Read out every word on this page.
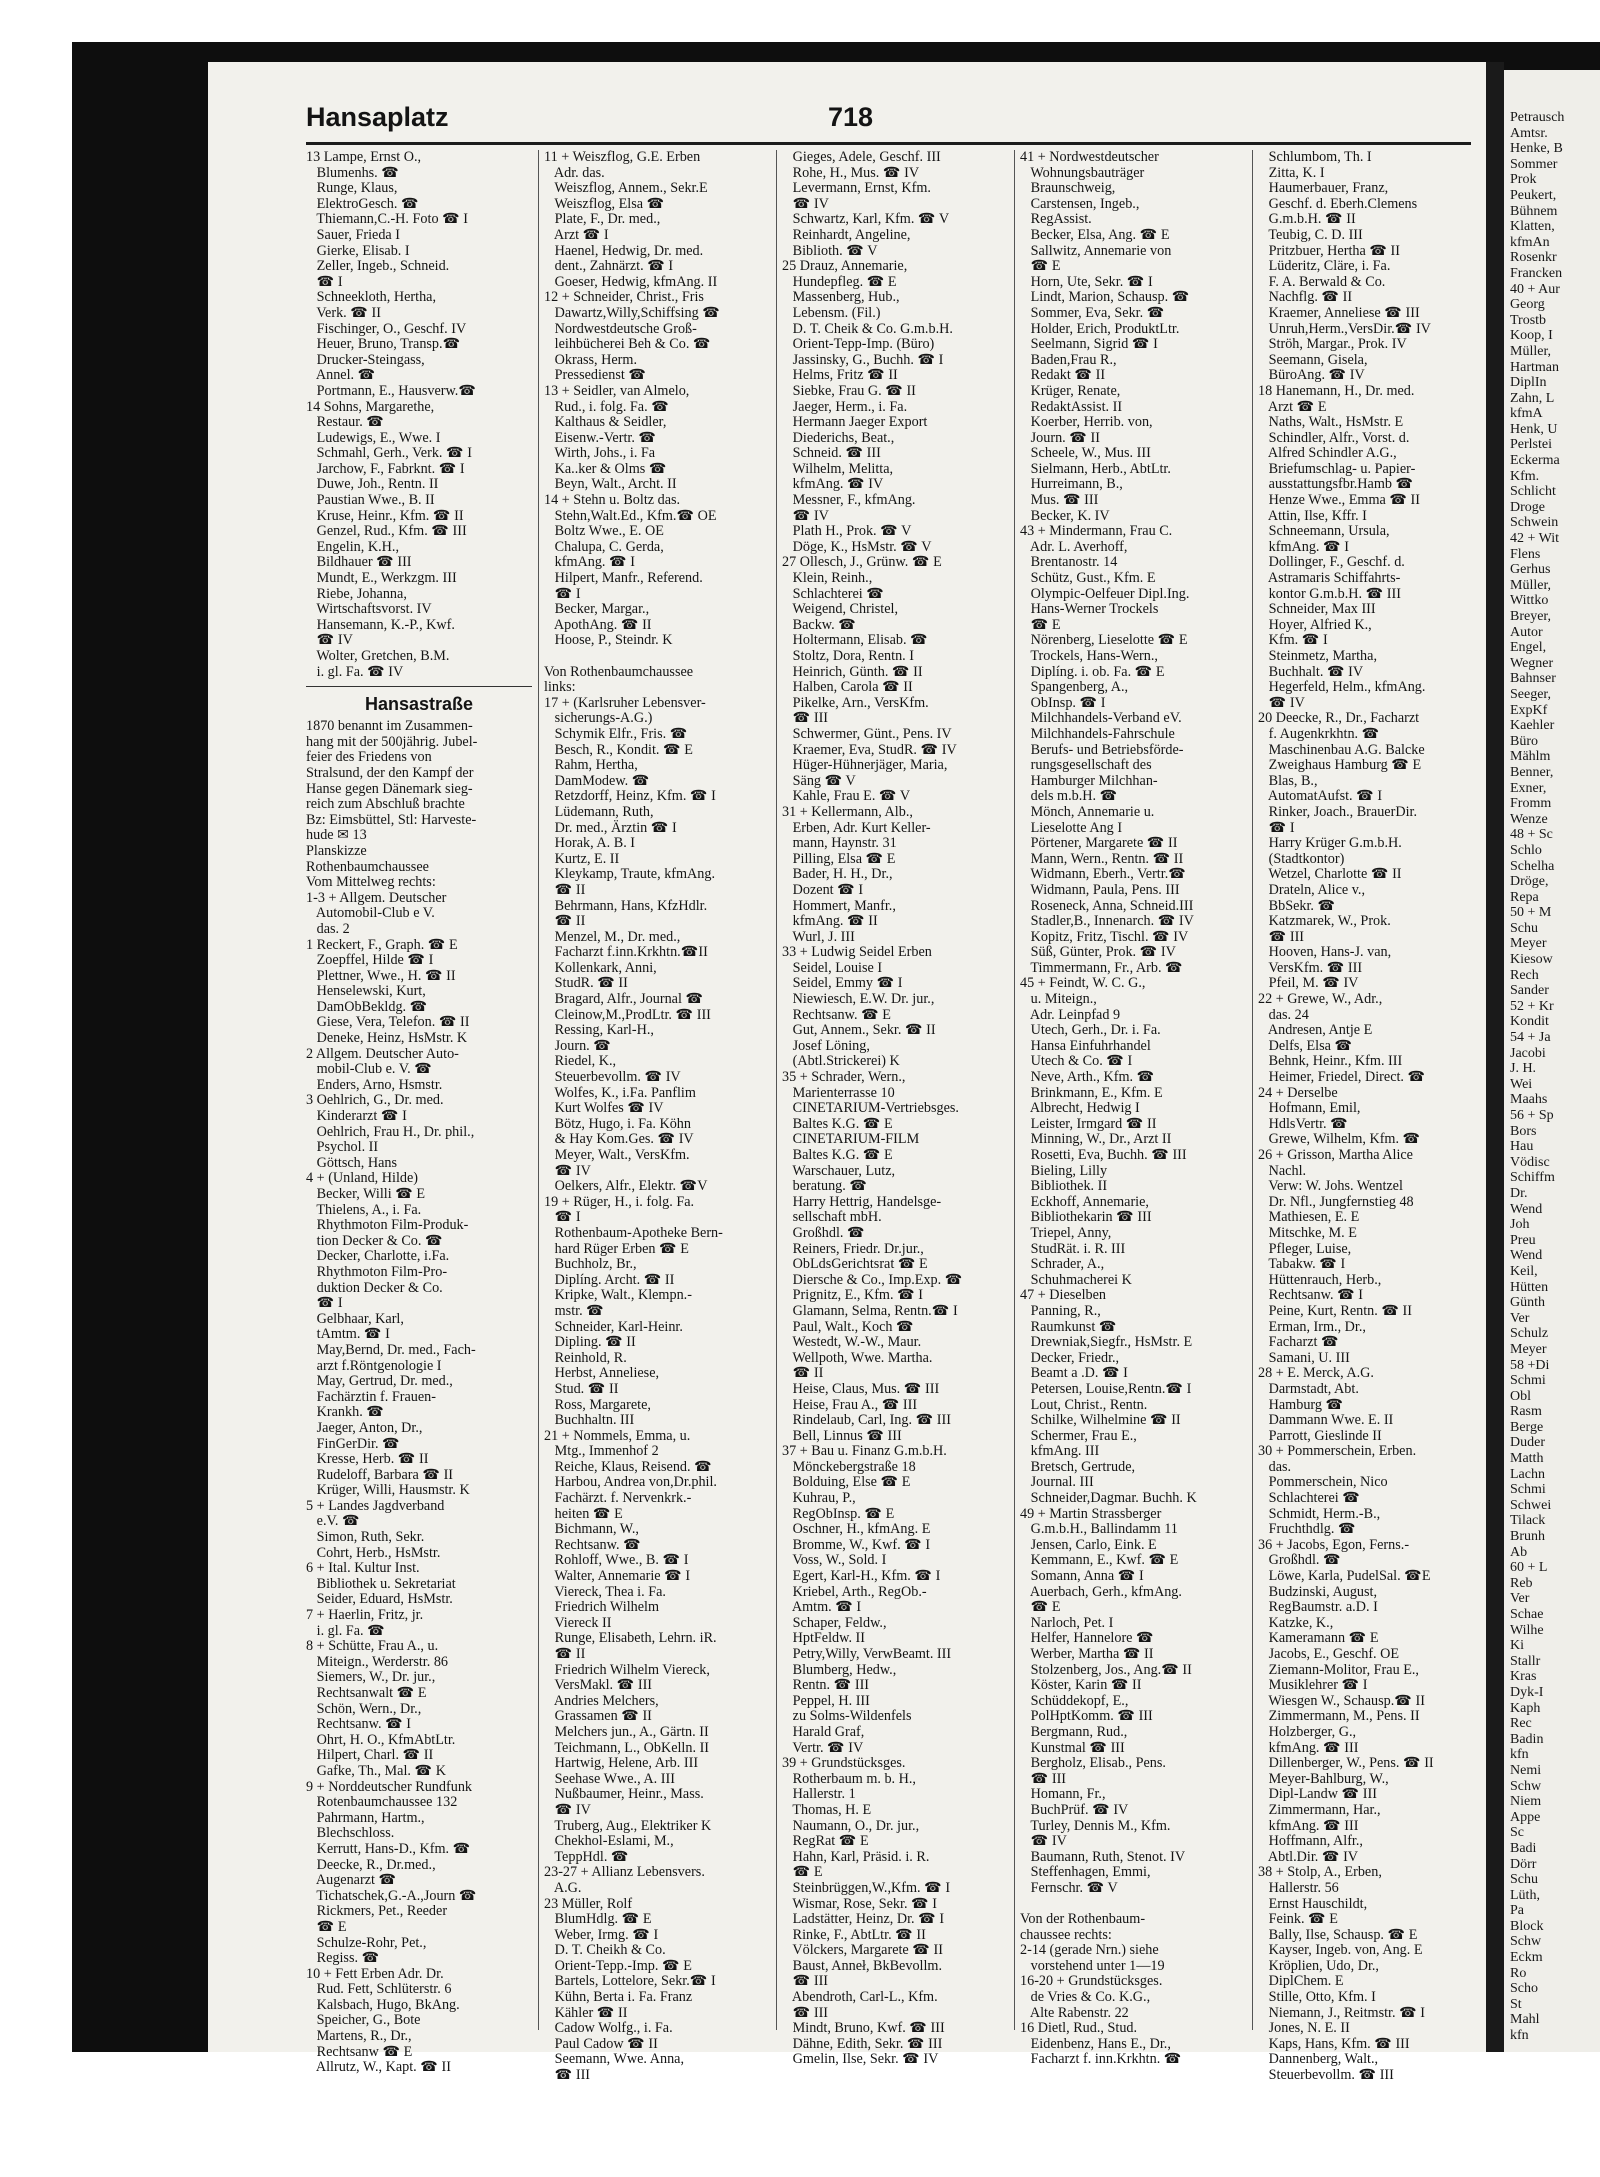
Hansaplatz	718
13 Lampe, Ernst O.,
Blumenhs. ☎
Runge, Klaus,
ElektroGesch. ☎
Thiemann,C.-H. Foto ☎ I
Sauer, Frieda I
Gierke, Elisab. I
Zeller, Ingeb., Schneid.
☎ I
Schneekloth, Hertha,
Verk. ☎ II
Fischinger, O., Geschf. IV
Heuer, Bruno, Transp.☎
Drucker-Steingass,
Annel. ☎
Portmann, E., Hausverw.☎
14 Sohns, Margarethe,
Restaur. ☎
Ludewigs, E., Wwe. I
Schmahl, Gerh., Verk. ☎ I
Jarchow, F., Fabrknt. ☎ I
Duwe, Joh., Rentn. II
Paustian Wwe., B. II
Kruse, Heinr., Kfm. ☎ II
Genzel, Rud., Kfm. ☎ III
Engelin, K.H.,
Bildhauer ☎ III
Mundt, E., Werkzgm. III
Riebe, Johanna,
Wirtschaftsvorst. IV
Hansemann, K.-P., Kwf.
☎ IV
Wolter, Gretchen, B.M.
i. gl. Fa. ☎ IV
Hansastraße
1870 benannt im Zusammen-
hang mit der 500jährig. Jubel-
feier des Friedens von
Stralsund, der den Kampf der
Hanse gegen Dänemark sieg-
reich zum Abschluß brachte
Bz: Eimsbüttel, Stl: Harveste-
hude ✉ 13
Planskizze
Rothenbaumchaussee
Vom Mittelweg rechts:
1-3 + Allgem. Deutscher
Automobil-Club e V.
das. 2
1 Reckert, F., Graph. ☎ E
Zoepffel, Hilde ☎ I
Plettner, Wwe., H. ☎ II
Henselewski, Kurt,
DamObBekldg. ☎
Giese, Vera, Telefon. ☎ II
Deneke, Heinz, HsMstr. K
2 Allgem. Deutscher Auto-
mobil-Club e. V. ☎
Enders, Arno, Hsmstr.
3 Oehlrich, G., Dr. med.
Kinderarzt ☎ I
Oehlrich, Frau H., Dr. phil.,
Psychol. II
Göttsch, Hans
4 + (Unland, Hilde)
Becker, Willi ☎ E
Thielens, A., i. Fa.
Rhythmoton Film-Produk-
tion Decker & Co. ☎
Decker, Charlotte, i.Fa.
Rhythmoton Film-Pro-
duktion Decker & Co.
☎ I
Gelbhaar, Karl,
tAmtm. ☎ I
May,Bernd, Dr. med., Fach-
arzt f.Röntgenologie I
May, Gertrud, Dr. med.,
Fachärztin f. Frauen-
Krankh. ☎
Jaeger, Anton, Dr.,
FinGerDir. ☎
Kresse, Herb. ☎ II
Rudeloff, Barbara ☎ II
Krüger, Willi, Hausmstr. K
5 + Landes Jagdverband
e.V. ☎
Simon, Ruth, Sekr.
Cohrt, Herb., HsMstr.
6 + Ital. Kultur Inst.
Bibliothek u. Sekretariat
Seider, Eduard, HsMstr.
7 + Haerlin, Fritz, jr.
i. gl. Fa. ☎
8 + Schütte, Frau A., u.
Miteign., Werderstr. 86
Siemers, W., Dr. jur.,
Rechtsanwalt ☎ E
Schön, Wern., Dr.,
Rechtsanw. ☎ I
Ohrt, H. O., KfmAbtLtr.
Hilpert, Charl. ☎ II
Gafke, Th., Mal. ☎ K
9 + Norddeutscher Rundfunk
Rotenbaumchaussee 132
Pahrmann, Hartm.,
Blechschloss.
Kerrutt, Hans-D., Kfm. ☎
Deecke, R., Dr.med.,
Augenarzt ☎
Tichatschek,G.-A.,Journ ☎
Rickmers, Pet., Reeder
☎ E
Schulze-Rohr, Pet.,
Regiss. ☎
10 + Fett Erben Adr. Dr.
Rud. Fett, Schlüterstr. 6
Kalsbach, Hugo, BkAng.
Speicher, G., Bote
Martens, R., Dr.,
Rechtsanw ☎ E
Allrutz, W., Kapt. ☎ II
11 + Weiszflog, G.E. Erben
Adr. das.
Weiszflog, Annem., Sekr.E
Weiszflog, Elsa ☎
Plate, F., Dr. med.,
Arzt ☎ I
Haenel, Hedwig, Dr. med.
dent., Zahnärzt. ☎ I
Goeser, Hedwig, kfmAng. II
12 + Schneider, Christ., Fris
Dawartz,Willy,Schiffsing ☎
Nordwestdeutsche Groß-
leihbücherei Beh & Co. ☎
Okrass, Herm.
Pressedienst ☎
13 + Seidler, van Almelo,
Rud., i. folg. Fa. ☎
Kalthaus & Seidler,
Eisenw.-Vertr. ☎
Wirth, Johs., i. Fa
Ka..ker & Olms ☎
Beyn, Walt., Archt. II
14 + Stehn u. Boltz das.
Stehn,Walt.Ed., Kfm.☎ OE
Boltz Wwe., E. OE
Chalupa, C. Gerda,
kfmAng. ☎ I
Hilpert, Manfr., Referend.
☎ I
Becker, Margar.,
ApothAng. ☎ II
Hoose, P., Steindr. K

Von Rothenbaumchaussee
links:
17 + (Karlsruher Lebensver-
sicherungs-A.G.)
Schymik Elfr., Fris. ☎
Besch, R., Kondit. ☎ E
Rahm, Hertha,
DamModew. ☎
Retzdorff, Heinz, Kfm. ☎ I
Lüdemann, Ruth,
Dr. med., Ärztin ☎ I
Horak, A. B. I
Kurtz, E. II
Kleykamp, Traute, kfmAng.
☎ II
Behrmann, Hans, KfzHdlr.
☎ II
Menzel, M., Dr. med.,
Facharzt f.inn.Krkhtn.☎II
Kollenkark, Anni,
StudR. ☎ II
Bragard, Alfr., Journal ☎
Cleinow,M.,ProdLtr. ☎ III
Ressing, Karl-H.,
Journ. ☎
Riedel, K.,
Steuerbevollm. ☎ IV
Wolfes, K., i.Fa. Panflim
Kurt Wolfes ☎ IV
Bötz, Hugo, i. Fa. Köhn
& Hay Kom.Ges. ☎ IV
Meyer, Walt., VersKfm.
☎ IV
Oelkers, Alfr., Elektr. ☎V
19 + Rüger, H., i. folg. Fa.
☎ I
Rothenbaum-Apotheke Bern-
hard Rüger Erben ☎ E
Buchholz, Br.,
Diplíng. Archt. ☎ II
Kripke, Walt., Klempn.-
mstr. ☎
Schneider, Karl-Heinr.
Dipling. ☎ II
Reinhold, R.
Herbst, Anneliese,
Stud. ☎ II
Ross, Margarete,
Buchhaltn. III
21 + Nommels, Emma, u.
Mtg., Immenhof 2
Reiche, Klaus, Reisend. ☎
Harbou, Andrea von,Dr.phil.
Fachärzt. f. Nervenkrk.-
heiten ☎ E
Bichmann, W.,
Rechtsanw. ☎
Rohloff, Wwe., B. ☎ I
Walter, Annemarie ☎ I
Viereck, Thea i. Fa.
Friedrich Wilhelm
Viereck II
Runge, Elisabeth, Lehrn. iR.
☎ II
Friedrich Wilhelm Viereck,
VersMakl. ☎ III
Andries Melchers,
Grassamen ☎ II
Melchers jun., A., Gärtn. II
Teichmann, L., ObKelln. II
Hartwig, Helene, Arb. III
Seehase Wwe., A. III
Nußbaumer, Heinr., Mass.
☎ IV
Truberg, Aug., Elektriker K
Chekhol-Eslami, M.,
TeppHdl. ☎
23-27 + Allianz Lebensvers.
A.G.
23 Müller, Rolf
BlumHdlg. ☎ E
Weber, Irmg. ☎ I
D. T. Cheikh & Co.
Orient-Tepp.-Imp. ☎ E
Bartels, Lottelore, Sekr.☎ I
Kühn, Berta i. Fa. Franz
Kähler ☎ II
Cadow Wolfg., i. Fa.
Paul Cadow ☎ II
Seemann, Wwe. Anna,
☎ III
Gieges, Adele, Geschf. III
Rohe, H., Mus. ☎ IV
Levermann, Ernst, Kfm.
☎ IV
Schwartz, Karl, Kfm. ☎ V
Reinhardt, Angeline,
Biblioth. ☎ V
25 Drauz, Annemarie,
Hundepfleg. ☎ E
Massenberg, Hub.,
Lebensm. (Fil.)
D. T. Cheik & Co. G.m.b.H.
Orient-Tepp-Imp. (Büro)
Jassinsky, G., Buchh. ☎ I
Helms, Fritz ☎ II
Siebke, Frau G. ☎ II
Jaeger, Herm., i. Fa.
Hermann Jaeger Export
Diederichs, Beat.,
Schneid. ☎ III
Wilhelm, Melitta,
kfmAng. ☎ IV
Messner, F., kfmAng.
☎ IV
Plath H., Prok. ☎ V
Döge, K., HsMstr. ☎ V
27 Ollesch, J., Grünw. ☎ E
Klein, Reinh.,
Schlachterei ☎
Weigend, Christel,
Backw. ☎
Holtermann, Elisab. ☎
Stoltz, Dora, Rentn. I
Heinrich, Günth. ☎ II
Halben, Carola ☎ II
Pikelke, Arn., VersKfm.
☎ III
Schwermer, Günt., Pens. IV
Kraemer, Eva, StudR. ☎ IV
Hüger-Hühnerjäger, Maria,
Säng ☎ V
Kahle, Frau E. ☎ V
31 + Kellermann, Alb.,
Erben, Adr. Kurt Keller-
mann, Haynstr. 31
Pilling, Elsa ☎ E
Bader, H. H., Dr.,
Dozent ☎ I
Hommert, Manfr.,
kfmAng. ☎ II
Wurl, J. III
33 + Ludwig Seidel Erben
Seidel, Louise I
Seidel, Emmy ☎ I
Niewiesch, E.W. Dr. jur.,
Rechtsanw. ☎ E
Gut, Annem., Sekr. ☎ II
Josef Löning,
(Abtl.Strickerei) K
35 + Schrader, Wern.,
Marienterrasse 10
CINETARIUM-Vertriebsges.
Baltes K.G. ☎ E
CINETARIUM-FILM
Baltes K.G. ☎ E
Warschauer, Lutz,
beratung. ☎
Harry Hettrig, Handelsge-
sellschaft mbH.
Großhdl. ☎
Reiners, Friedr. Dr.jur.,
ObLdsGerichtsrat ☎ E
Diersche & Co., Imp.Exp. ☎
Prignitz, E., Kfm. ☎ I
Glamann, Selma, Rentn.☎ I
Paul, Walt., Koch ☎
Westedt, W.-W., Maur.
Wellpoth, Wwe. Martha.
☎ II
Heise, Claus, Mus. ☎ III
Heise, Frau A., ☎ III
Rindelaub, Carl, Ing. ☎ III
Bell, Linnus ☎ III
37 + Bau u. Finanz G.m.b.H.
Mönckebergstraße 18
Bolduing, Else ☎ E
Kuhrau, P.,
RegObInsp. ☎ E
Oschner, H., kfmAng. E
Bromme, W., Kwf. ☎ I
Voss, W., Sold. I
Egert, Karl-H., Kfm. ☎ I
Kriebel, Arth., RegOb.-
Amtm. ☎ I
Schaper, Feldw.,
HptFeldw. II
Petry,Willy, VerwBeamt. III
Blumberg, Hedw.,
Rentn. ☎ III
Peppel, H. III
zu Solms-Wildenfels
Harald Graf,
Vertr. ☎ IV
39 + Grundstücksges.
Rotherbaum m. b. H.,
Hallerstr. 1
Thomas, H. E
Naumann, O., Dr. jur.,
RegRat ☎ E
Hahn, Karl, Präsid. i. R.
☎ E
Steinbrüggen,W.,Kfm. ☎ I
Wismar, Rose, Sekr. ☎ I
Ladstätter, Heinz, Dr. ☎ I
Rinke, F., AbtLtr. ☎ II
Völckers, Margarete ☎ II
Baust, Anneł, BkBevollm.
☎ III
Abendroth, Carl-L., Kfm.
☎ III
Mindt, Bruno, Kwf. ☎ III
Dähne, Edith, Sekr. ☎ III
Gmelin, Ilse, Sekr. ☎ IV
41 + Nordwestdeutscher
Wohnungsbauträger
Braunschweig,
Carstensen, Ingeb.,
RegAssist.
Becker, Elsa, Ang. ☎ E
Sallwitz, Annemarie von
☎ E
Horn, Ute, Sekr. ☎ I
Lindt, Marion, Schausp. ☎
Sommer, Eva, Sekr. ☎
Holder, Erich, ProduktLtr.
Seelmann, Sigrid ☎ I
Baden,Frau R.,
Redakt ☎ II
Krüger, Renate,
RedaktAssist. II
Koerber, Herrib. von,
Journ. ☎ II
Scheele, W., Mus. III
Sielmann, Herb., AbtLtr.
Hurreimann, B.,
Mus. ☎ III
Becker, K. IV
43 + Mindermann, Frau C.
Adr. L. Averhoff,
Brentanostr. 14
Schütz, Gust., Kfm. E
Olympic-Oelfeuer Dipl.Ing.
Hans-Werner Trockels
☎ E
Nörenberg, Lieselotte ☎ E
Trockels, Hans-Wern.,
Diplíng. i. ob. Fa. ☎ E
Spangenberg, A.,
ObInsp. ☎ I
Milchhandels-Verband eV.
Milchhandels-Fahrschule
Berufs- und Betriebsförde-
rungsgesellschaft des
Hamburger Milchhan-
dels m.b.H. ☎
Mönch, Annemarie u.
Lieselotte Ang I
Pörtener, Margarete ☎ II
Mann, Wern., Rentn. ☎ II
Widmann, Eberh., Vertr.☎
Widmann, Paula, Pens. III
Roseneck, Anna, Schneid.III
Stadler,B., Innenarch. ☎ IV
Kopitz, Fritz, Tischl. ☎ IV
Süß, Günter, Prok. ☎ IV
Timmermann, Fr., Arb. ☎
45 + Feindt, W. C. G.,
u. Miteign.,
Adr. Leinpfad 9
Utech, Gerh., Dr. i. Fa.
Hansa Einfuhrhandel
Utech & Co. ☎ I
Neve, Arth., Kfm. ☎
Brinkmann, E., Kfm. E
Albrecht, Hedwig I
Leister, Irmgard ☎ II
Minning, W., Dr., Arzt II
Rosetti, Eva, Buchh. ☎ III
Bieling, Lilly
Bibliothek. II
Eckhoff, Annemarie,
Bibliothekarin ☎ III
Triepel, Anny,
StudRät. i. R. III
Schrader, A.,
Schuhmacherei K
47 + Dieselben
Panning, R.,
Raumkunst ☎
Drewniak,Siegfr., HsMstr. E
Decker, Friedr.,
Beamt a .D. ☎ I
Petersen, Louise,Rentn.☎ I
Lout, Christ., Rentn.
Schilke, Wilhelmine ☎ II
Schermer, Frau E.,
kfmAng. III
Bretsch, Gertrude,
Journal. III
Schneider,Dagmar. Buchh. K
49 + Martin Strassberger
G.m.b.H., Ballindamm 11
Jensen, Carlo, Eink. E
Kemmann, E., Kwf. ☎ E
Somann, Anna ☎ I
Auerbach, Gerh., kfmAng.
☎ E
Narloch, Pet. I
Helfer, Hannelore ☎
Werber, Martha ☎ II
Stolzenberg, Jos., Ang.☎ II
Köster, Karin ☎ II
Schüddekopf, E.,
PolHptKomm. ☎ III
Bergmann, Rud.,
Kunstmal ☎ III
Bergholz, Elisab., Pens.
☎ III
Homann, Fr.,
BuchPrüf. ☎ IV
Turley, Dennis M., Kfm.
☎ IV
Baumann, Ruth, Stenot. IV
Steffenhagen, Emmi,
Fernschr. ☎ V

Von der Rothenbaum-
chaussee rechts:
2-14 (gerade Nrn.) siehe
vorstehend unter 1—19
16-20 + Grundstücksges.
de Vries & Co. K.G.,
Alte Rabenstr. 22
16 Dietl, Rud., Stud.
Eidenbenz, Hans E., Dr.,
Facharzt f. inn.Krkhtn. ☎
Schlumbom, Th. I
Zitta, K. I
Haumerbauer, Franz,
Geschf. d. Eberh.Clemens
G.m.b.H. ☎ II
Teubig, C. D. III
Pritzbuer, Hertha ☎ II
Lüderitz, Cläre, i. Fa.
F. A. Berwald & Co.
Nachflg. ☎ II
Kraemer, Anneliese ☎ III
Unruh,Herm.,VersDir.☎ IV
Ströh, Margar., Prok. IV
Seemann, Gisela,
BüroAng. ☎ IV
18 Hanemann, H., Dr. med.
Arzt ☎ E
Naths, Walt., HsMstr. E
Schindler, Alfr., Vorst. d.
Alfred Schindler A.G.,
Briefumschlag- u. Papier-
ausstattungsfbr.Hamb ☎
Henze Wwe., Emma ☎ II
Attin, Ilse, Kffr. I
Schneemann, Ursula,
kfmAng. ☎ I
Dollinger, F., Geschf. d.
Astramaris Schiffahrts-
kontor G.m.b.H. ☎ III
Schneider, Max III
Hoyer, Alfried K.,
Kfm. ☎ I
Steinmetz, Martha,
Buchhalt. ☎ IV
Hegerfeld, Helm., kfmAng.
☎ IV
20 Deecke, R., Dr., Facharzt
f. Augenkrkhtn. ☎
Maschinenbau A.G. Balcke
Zweighaus Hamburg ☎ E
Blas, B.,
AutomatAufst. ☎ I
Rinker, Joach., BrauerDir.
☎ I
Harry Krüger G.m.b.H.
(Stadtkontor)
Wetzel, Charlotte ☎ II
Drateln, Alice v.,
BbSekr. ☎
Katzmarek, W., Prok.
☎ III
Hooven, Hans-J. van,
VersKfm. ☎ III
Pfeil, M. ☎ IV
22 + Grewe, W., Adr.,
das. 24
Andresen, Antje E
Delfs, Elsa ☎
Behnk, Heinr., Kfm. III
Heimer, Friedel, Direct. ☎
24 + Derselbe
Hofmann, Emil,
HdlsVertr. ☎
Grewe, Wilhelm, Kfm. ☎
26 + Grisson, Martha Alice
Nachl.
Verw: W. Johs. Wentzel
Dr. Nfl., Jungfernstieg 48
Mathiesen, E. E
Mitschke, M. E
Pfleger, Luise,
Tabakw. ☎ I
Hüttenrauch, Herb.,
Rechtsanw. ☎ I
Peine, Kurt, Rentn. ☎ II
Erman, Irm., Dr.,
Facharzt ☎
Samani, U. III
28 + E. Merck, A.G.
Darmstadt, Abt.
Hamburg ☎
Dammann Wwe. E. II
Parrott, Gieslinde II
30 + Pommerschein, Erben.
das.
Pommerschein, Nico
Schlachterei ☎
Schmidt, Herm.-B.,
Fruchthdlg. ☎
36 + Jacobs, Egon, Ferns.-
Großhdl. ☎
Löwe, Karla, PudelSal. ☎E
Budzinski, August,
RegBaumstr. a.D. I
Katzke, K.,
Kameramann ☎ E
Jacobs, E., Geschf. OE
Ziemann-Molitor, Frau E.,
Musiklehrer ☎ I
Wiesgen W., Schausp.☎ II
Zimmermann, M., Pens. II
Holzberger, G.,
kfmAng. ☎ III
Dillenberger, W., Pens. ☎ II
Meyer-Bahlburg, W.,
Dipl-Landw ☎ III
Zimmermann, Har.,
kfmAng. ☎ III
Hoffmann, Alfr.,
Abtl.Dir. ☎ IV
38 + Stolp, A., Erben,
Hallerstr. 56
Ernst Hauschildt,
Feink. ☎ E
Bally, Ilse, Schausp. ☎ E
Kayser, Ingeb. von, Ang. E
Kröplien, Udo, Dr.,
DiplChem. E
Stille, Otto, Kfm. I
Niemann, J., Reitmstr. ☎ I
Jones, N. E. II
Kaps, Hans, Kfm. ☎ III
Dannenberg, Walt.,
Steuerbevollm. ☎ III
Petrausch
Amtsr.
Henke, B
Sommer
Prok
Peukert,
Bühnem
Klatten,
kfmAn
Rosenkr
Francken
40 + Aur
Georg
Trostb
Koop, I
Müller,
Hartman
DiplIn
Zahn, L
kfmA
Henk, U
Perlstei
Eckerma
Kfm.
Schlicht
Droge
Schwein
42 + Wit
Flens
Gerhus
Müller,
Wittko
Breyer,
Autor
Engel,
Wegner
Bahnser
Seeger,
ExpKf
Kaehler
Büro
Mählm
Benner,
Exner,
Fromm
Wenze
48 + Sc
Schlo
Schelha
Dröge,
Repa
50 + M
Schu
Meyer
Kiesow
Rech
Sander
52 + Kr
Kondit
54 + Ja
Jacobi
J. H.
Wei
Maahs
56 + Sp
Bors
Hau
Vödisc
Schiffm
Dr.
Wend
Joh
Preu
Wend
Keil,
Hütten
Günth
Ver
Schulz
Meyer
58 +Di
Schmi
Obl
Rasm
Berge
Duder
Matth
Lachn
Schmi
Schwei
Tilack
Brunh
Ab
60 + L
Reb
Ver
Schae
Wilhe
Ki
Stallr
Kras
Dyk-I
Kaph
Rec
Badin
kfn
Nemi
Schw
Niem
Appe
Sc
Badi
Dörr
Schu
Lüth,
Pa
Block
Schw
Eckm
Ro
Scho
St
Mahl
kfn
